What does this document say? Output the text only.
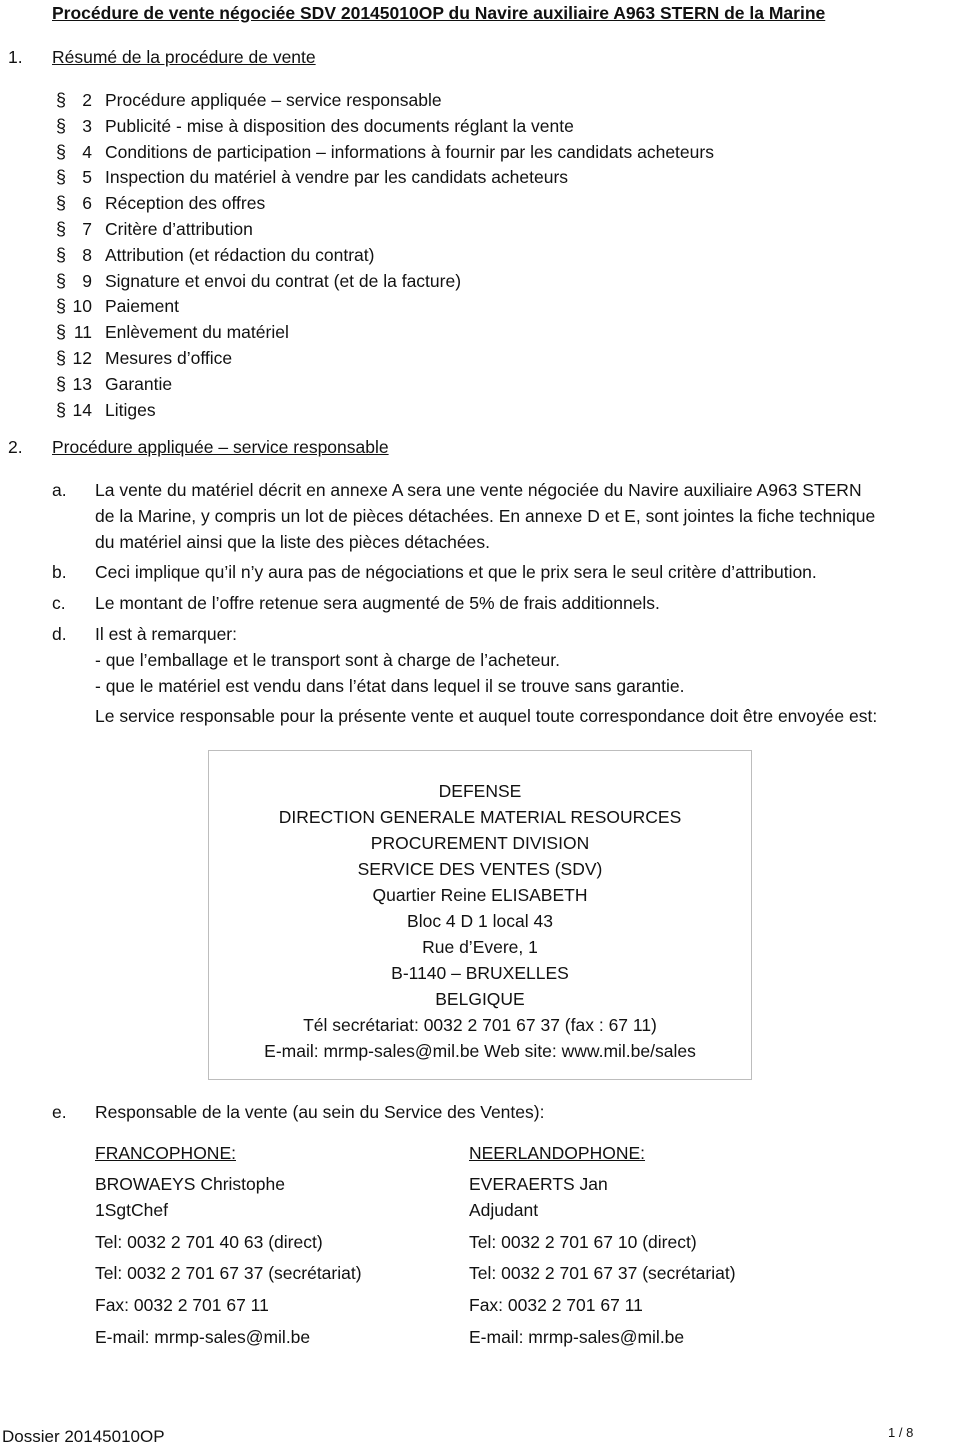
Procédure de vente négociée SDV 20145010OP du Navire auxiliaire A963 STERN de la Marine
1. Résumé de la procédure de vente
§ 2 Procédure appliquée – service responsable
§ 3 Publicité - mise à disposition des documents réglant la vente
§ 4 Conditions de participation – informations à fournir par les candidats acheteurs
§ 5 Inspection du matériel à vendre par les candidats acheteurs
§ 6 Réception des offres
§ 7 Critère d’attribution
§ 8 Attribution (et rédaction du contrat)
§ 9 Signature et envoi du contrat (et de la facture)
§ 10 Paiement
§ 11 Enlèvement du matériel
§ 12 Mesures d’office
§ 13 Garantie
§ 14 Litiges
2. Procédure appliquée – service responsable
a. La vente du matériel décrit en annexe A sera une vente négociée du Navire auxiliaire A963 STERN
de la Marine, y compris un lot de pièces détachées. En annexe D et E, sont jointes la fiche technique
du matériel ainsi que la liste des pièces détachées.
b. Ceci implique qu’il n’y aura pas de négociations et que le prix sera le seul critère d’attribution.
c. Le montant de l’offre retenue sera augmenté de 5% de frais additionnels.
d. Il est à remarquer:
- que l’emballage et le transport sont à charge de l’acheteur.
- que le matériel est vendu dans l’état dans lequel il se trouve sans garantie.
Le service responsable pour la présente vente et auquel toute correspondance doit être envoyée est:
DEFENSE
DIRECTION GENERALE MATERIAL RESOURCES
PROCUREMENT DIVISION
SERVICE DES VENTES (SDV)
Quartier Reine ELISABETH
Bloc 4 D 1 local 43
Rue d’Evere, 1
B-1140 – BRUXELLES
BELGIQUE
Tél secrétariat: 0032 2 701 67 37 (fax : 67 11)
E-mail: mrmp-sales@mil.be Web site: www.mil.be/sales
e. Responsable de la vente (au sein du Service des Ventes):
FRANCOPHONE:
BROWAEYS Christophe
1SgtChef
Tel: 0032 2 701 40 63 (direct)
Tel: 0032 2 701 67 37 (secrétariat)
Fax: 0032 2 701 67 11
E-mail: mrmp-sales@mil.be
NEERLANDOPHONE:
EVERAERTS Jan
Adjudant
Tel: 0032 2 701 67 10 (direct)
Tel: 0032 2 701 67 37 (secrétariat)
Fax: 0032 2 701 67 11
E-mail: mrmp-sales@mil.be
Dossier 20145010OP	1 / 8
